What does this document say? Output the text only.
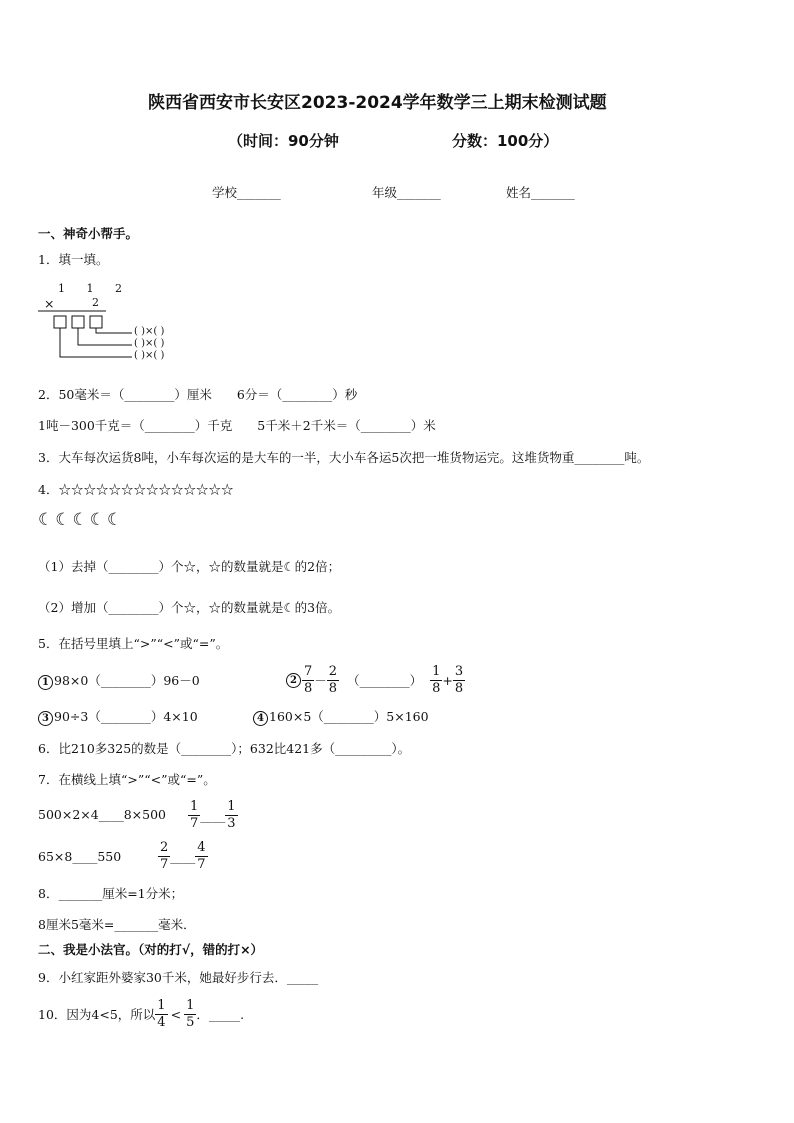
陕西省西安市长安区2023-2024学年数学三上期末检测试题
（时间：90分钟	分数：100分）
学校_______	年级_______	姓名_______
一、神奇小帮手。
1．填一填。
1 1 2
×	2
( )×( )
( )×( )
( )×( )
2．50毫米＝（________）厘米　　6分＝（________）秒
1吨－300千克＝（________）千克　　5千米＋2千米＝（________）米
3．大车每次运货8吨，小车每次运的是大车的一半，大小车各运5次把一堆货物运完。这堆货物重________吨。
4．☆☆☆☆☆☆☆☆☆☆☆☆☆☆
☾☾☾☾☾
（1）去掉（________）个☆，☆的数量就是☾的2倍；
（2）增加（________）个☆，☆的数量就是☾的3倍。
5．在括号里填上“>”“<”或“=”。
1 98×0（________）96－0	$2 \frac{7}{8} - \frac{2}{8}$ （________） $\frac{1}{8} + \frac{3}{8}$
3 90÷3（________）4×10	4 160×5（________）5×160
6．比210多325的数是（________）；632比421多（_________）。
7．在横线上填“>”“<”或“=”。
500×2×4____8×500 $\frac{1}{7}$ ____ $\frac{1}{3}$
65×8____550	$\frac{2}{7}$ ____ $\frac{4}{7}$
8．_______厘米=1分米；
8厘米5毫米=_______毫米．
二、我是小法官。（对的打√，错的打×）
9．小红家距外婆家30千米，她最好步行去．_____
10．因为4<5，所以 $\frac{1}{4} < \frac{1}{5}$ ．_____.
